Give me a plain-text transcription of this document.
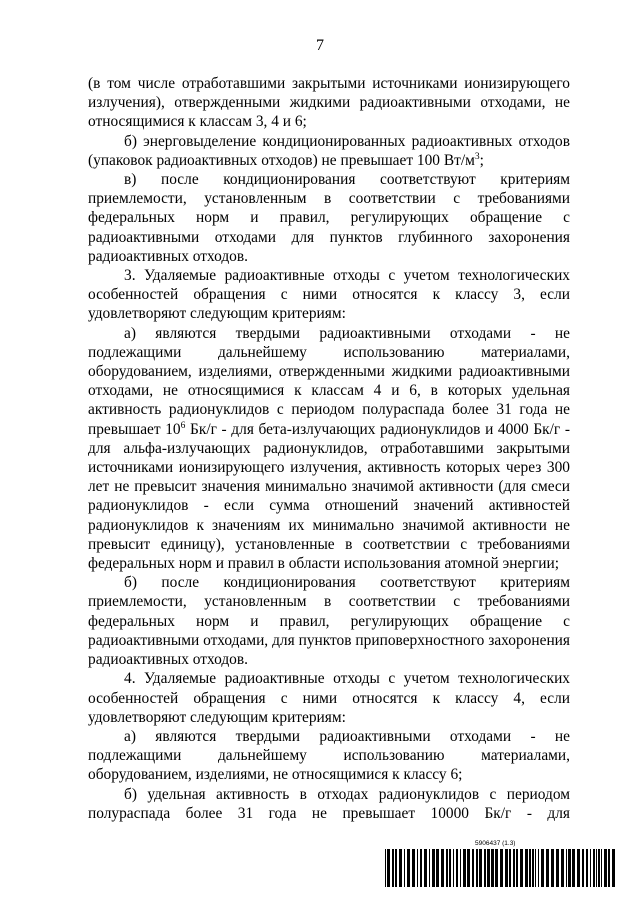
7

(в том числе отработавшими закрытыми источниками ионизирующего излучения), отвержденными жидкими радиоактивными отходами, не относящимися к классам 3, 4 и 6;

б) энерговыделение кондиционированных радиоактивных отходов (упаковок радиоактивных отходов) не превышает 100 $Вт/м^3$;

в) после кондиционирования соответствуют критериям приемлемости, установленным в соответствии с требованиями федеральных норм и правил, регулирующих обращение с радиоактивными отходами для пунктов глубинного захоронения радиоактивных отходов.

3. Удаляемые радиоактивные отходы с учетом технологических особенностей обращения с ними относятся к классу 3, если удовлетворяют следующим критериям:

а) являются твердыми радиоактивными отходами - не подлежащими дальнейшему использованию материалами, оборудованием, изделиями, отвержденными жидкими радиоактивными отходами, не относящимися к классам 4 и 6, в которых удельная активность радионуклидов с периодом полураспада более 31 года не превышает $10^6$ Бк/г - для бета-излучающих радионуклидов и 4000 Бк/г - для альфа-излучающих радионуклидов, отработавшими закрытыми источниками ионизирующего излучения, активность которых через 300 лет не превысит значения минимально значимой активности (для смеси радионуклидов - если сумма отношений значений активностей радионуклидов к значениям их минимально значимой активности не превысит единицу), установленные в соответствии с требованиями федеральных норм и правил в области использования атомной энергии;

б) после кондиционирования соответствуют критериям приемлемости, установленным в соответствии с требованиями федеральных норм и правил, регулирующих обращение с радиоактивными отходами, для пунктов приповерхностного захоронения радиоактивных отходов.

4. Удаляемые радиоактивные отходы с учетом технологических особенностей обращения с ними относятся к классу 4, если удовлетворяют следующим критериям:

а) являются твердыми радиоактивными отходами - не подлежащими дальнейшему использованию материалами, оборудованием, изделиями, не относящимися к классу 6;

б) удельная активность в отходах радионуклидов с периодом полураспада более 31 года не превышает 10000 Бк/г - для

5906437 (1.3)
